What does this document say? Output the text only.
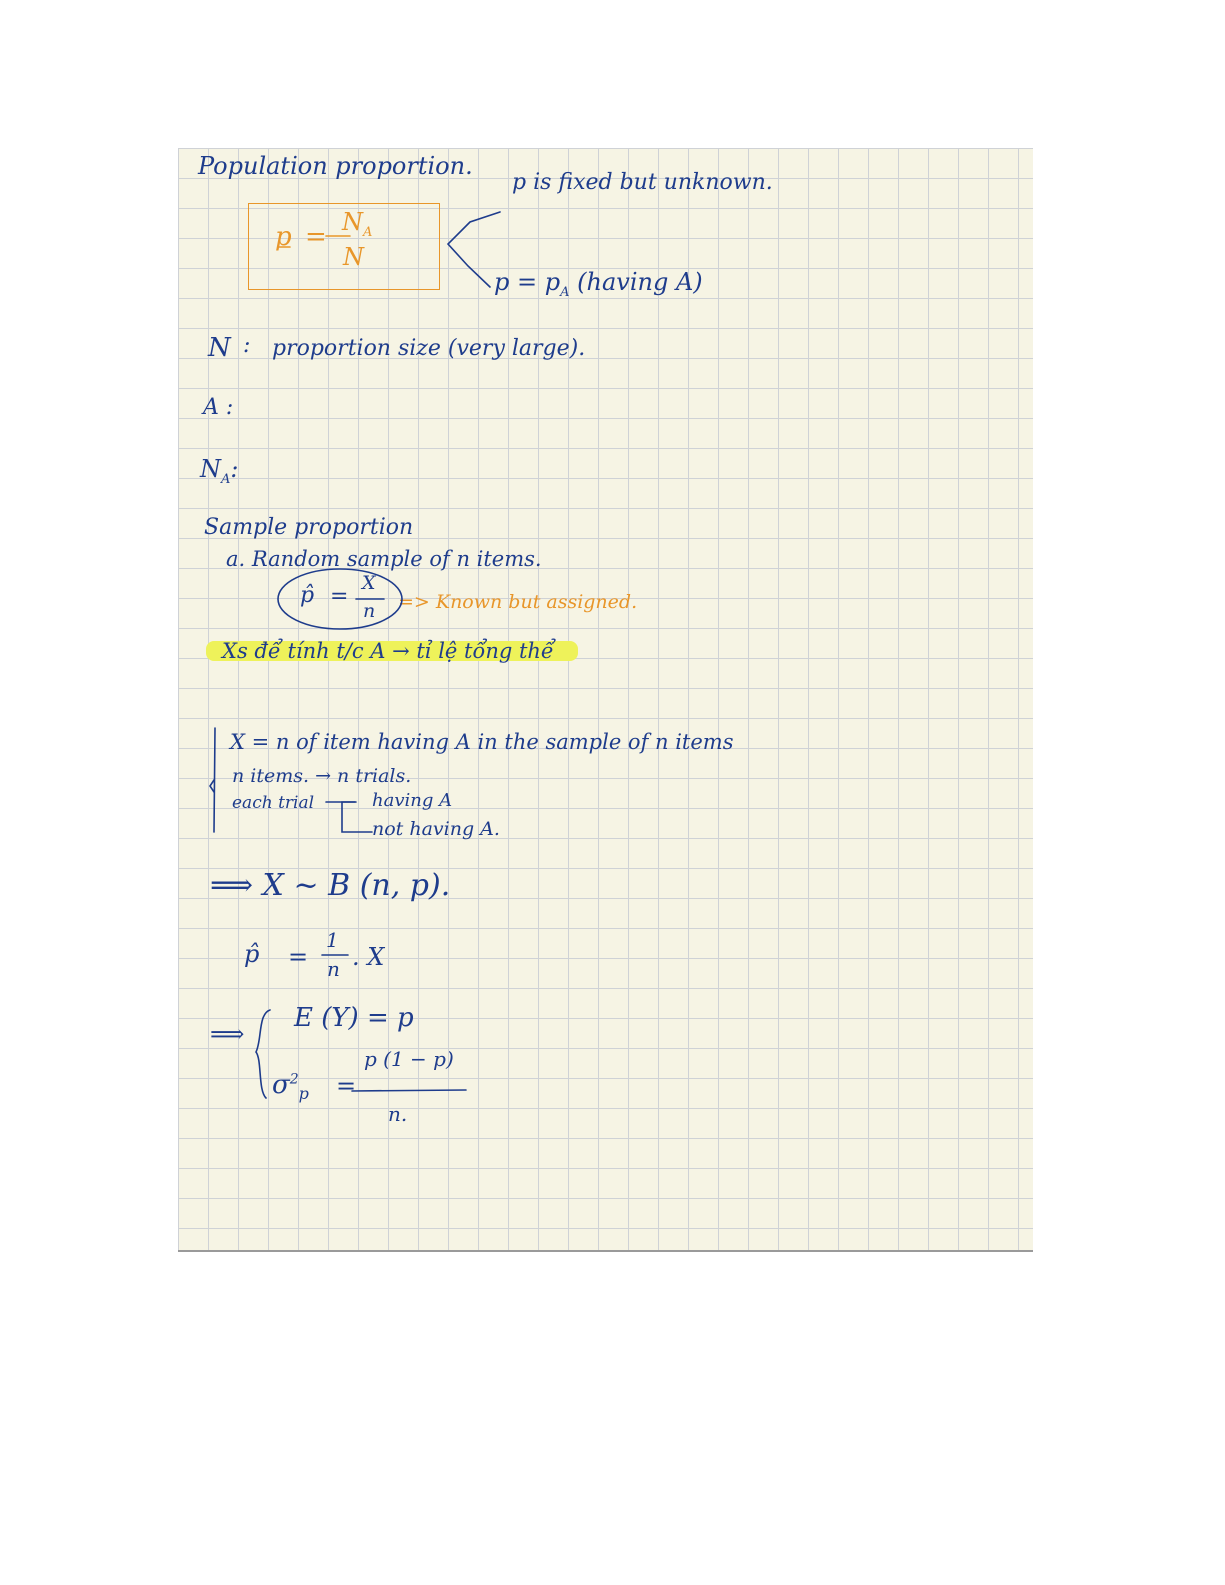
Population proportion.
$p = N_A$
N
p is fixed but unknown.
$p = p_A$ (having A)
N : proportion size (very large).
A :
$N_A$:
Sample proportion
a. Random sample of n items.
p̂ =
X
n => Known but assigned.
Xs để tính t/c A → tỉ lệ tổng thể
X = n of item having A in the sample of n items
n items. → n trials.
each trial	having A
not having A.
⟹ X ~ B (n, p).
p̂ =
1
n . X
⟹
E (Y) = p
$\sigma^2_p$ =
p (1 − p)
n.
